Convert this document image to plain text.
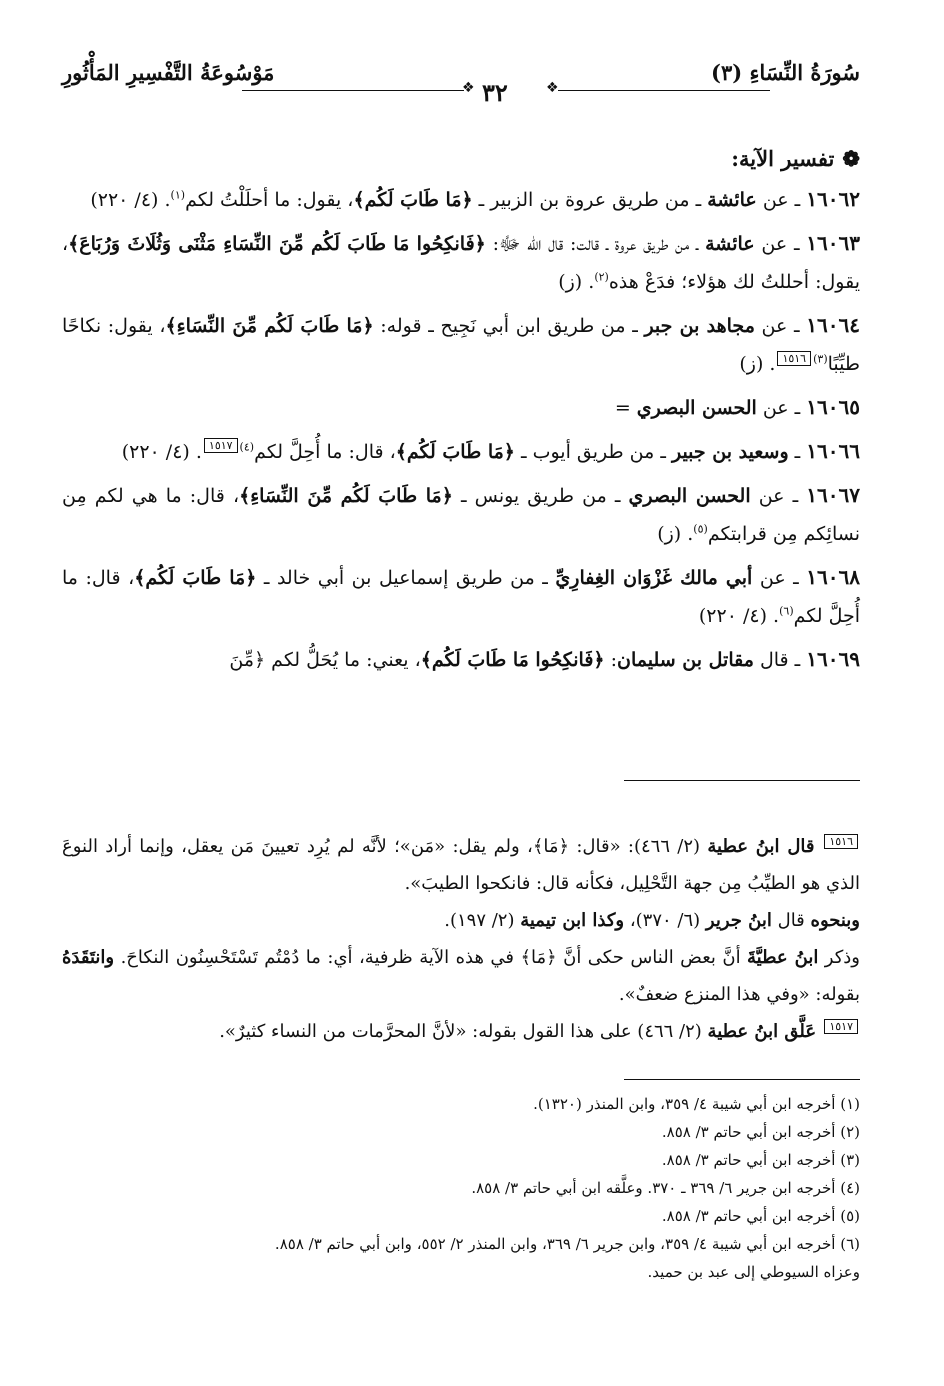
سُورَةُ النِّسَاءِ (٣)
❖
٣٢
❖
مَوْسُوعَةُ التَّفْسِيرِ المَأْثُورِ
❁تفسير الآية:

١٦٠٦٢ ـ عن عائشة ـ من طريق عروة بن الزبير ـ ﴿مَا طَابَ لَكُم﴾، يقول: ما أحلَلْتُ لكم$^{(١)}$. (٤/ ٢٢٠)

١٦٠٦٣ ـ عن عائشة ـ من طريق عروة ـ قالت: قال الله ﷻ: ﴿فَانكِحُوا مَا طَابَ لَكُم مِّنَ النِّسَاءِ مَثْنَى وَثُلَاثَ وَرُبَاعَ﴾، يقول: أحللتُ لك هؤلاء؛ فدَعْ هذه$^{(٢)}$. (ز)

١٦٠٦٤ ـ عن مجاهد بن جبر ـ من طريق ابن أبي نَجِيح ـ قوله: ﴿مَا طَابَ لَكُم مِّنَ النِّسَاءِ﴾، يقول: نكاحًا طيِّبًا$^{(٣)}$١٥١٦. (ز)

١٦٠٦٥ ـ عن الحسن البصري =

١٦٠٦٦ ـ وسعيد بن جبير ـ من طريق أيوب ـ ﴿مَا طَابَ لَكُم﴾، قال: ما أُحِلَّ لكم$^{(٤)}$١٥١٧. (٤/ ٢٢٠)

١٦٠٦٧ ـ عن الحسن البصري ـ من طريق يونس ـ ﴿مَا طَابَ لَكُم مِّنَ النِّسَاءِ﴾، قال: ما هي لكم مِن نسائِكم مِن قرابتكم$^{(٥)}$. (ز)

١٦٠٦٨ ـ عن أبي مالك غَزْوَان الغِفارِيِّ ـ من طريق إسماعيل بن أبي خالد ـ ﴿مَا طَابَ لَكُم﴾، قال: ما أُحِلَّ لكم$^{(٦)}$. (٤/ ٢٢٠)

١٦٠٦٩ ـ قال مقاتل بن سليمان: ﴿فَانكِحُوا مَا طَابَ لَكُم﴾، يعني: ما يُحَلُّ لكم ﴿مِّنَ

١٥١٦ قال ابنُ عطية (٢/ ٤٦٦): «قال: ﴿مَا﴾، ولم يقل: «مَن»؛ لأنَّه لم يُرِد تعيينَ مَن يعقل، وإنما أراد النوعَ الذي هو الطيِّبُ مِن جهة التَّحْلِيل، فكأنه قال: فانكحوا الطيبَ».

وبنحوه قال ابنُ جرير (٦/ ٣٧٠)، وكذا ابن تيمية (٢/ ١٩٧).

وذكر ابنُ عطيَّةَ أنَّ بعض الناس حكى أنَّ ﴿مَا﴾ في هذه الآية ظرفية، أي: ما دُمْتُم تَسْتَحْسِنُون النكاحَ. وانتَقَدَهُ بقوله: «وفي هذا المنزع ضعفٌ».

١٥١٧ عَلَّق ابنُ عطية (٢/ ٤٦٦) على هذا القول بقوله: «لأنَّ المحرَّمات من النساء كثيرٌ».

(١) أخرجه ابن أبي شيبة ٤/ ٣٥٩، وابن المنذر (١٣٢٠).

(٢) أخرجه ابن أبي حاتم ٣/ ٨٥٨.

(٣) أخرجه ابن أبي حاتم ٣/ ٨٥٨.

(٤) أخرجه ابن جرير ٦/ ٣٦٩ ـ ٣٧٠. وعلَّقه ابن أبي حاتم ٣/ ٨٥٨.

(٥) أخرجه ابن أبي حاتم ٣/ ٨٥٨.

(٦) أخرجه ابن أبي شيبة ٤/ ٣٥٩، وابن جرير ٦/ ٣٦٩، وابن المنذر ٢/ ٥٥٢، وابن أبي حاتم ٣/ ٨٥٨.

وعزاه السيوطي إلى عبد بن حميد.
